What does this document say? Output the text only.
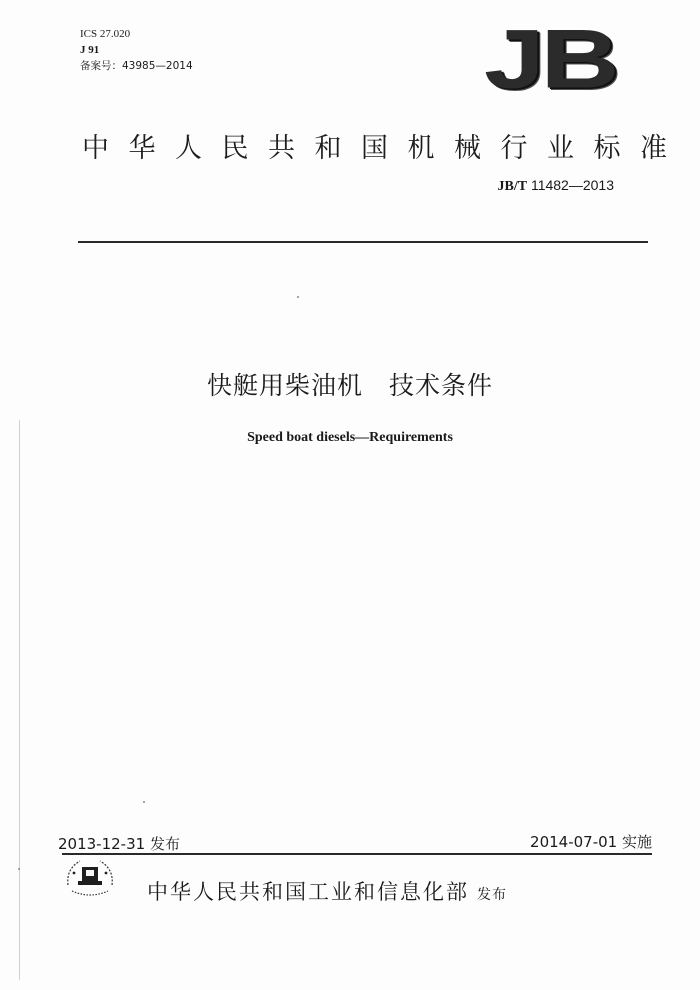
ICS 27.020
J 91
备案号：43985—2014	JB
中华人民共和国机械行业标准
JB/T 11482—2013
快艇用柴油机　技术条件
Speed boat diesels—Requirements
2013-12-31 发布	2014-07-01 实施
中华人民共和国工业和信息化部 发布
